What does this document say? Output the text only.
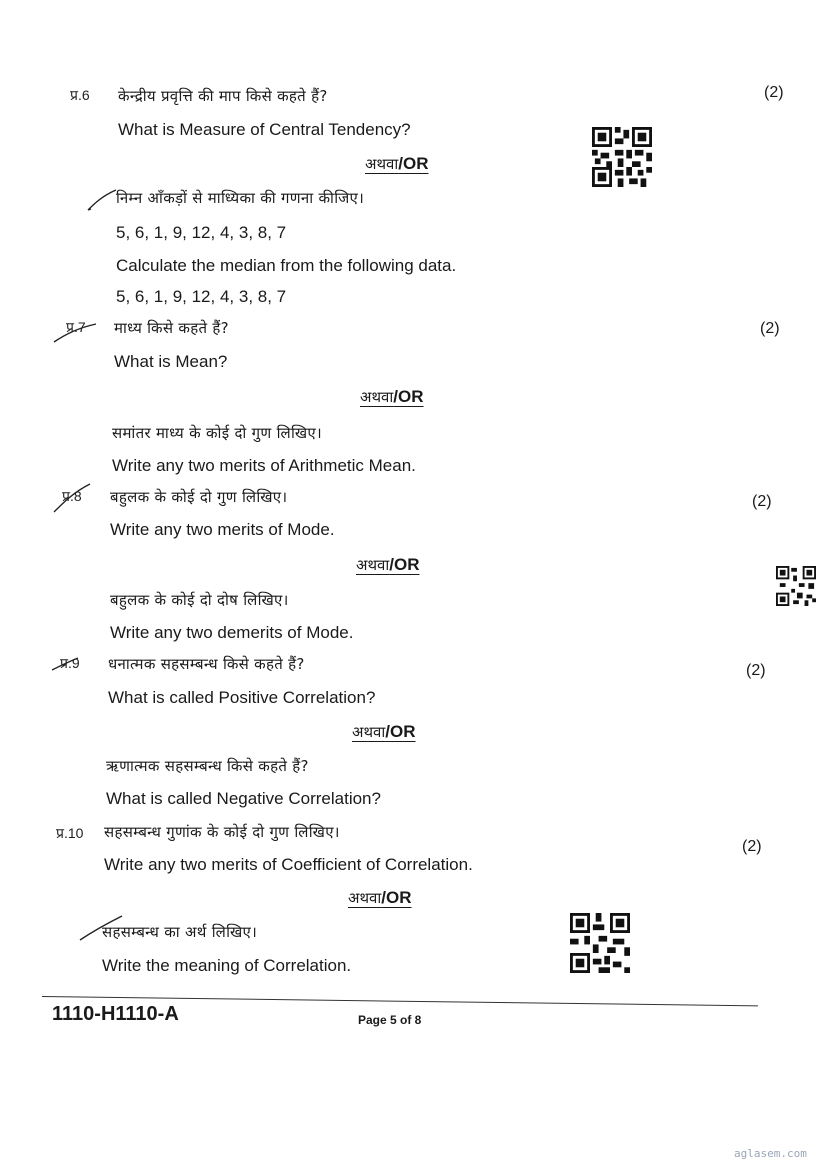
प्र.6 केन्द्रीय प्रवृत्ति की माप किसे कहते हैं?	(2)
What is Measure of Central Tendency?
अथवा/OR
निम्न आँकड़ों से माध्यिका की गणना कीजिए।
5, 6, 1, 9, 12, 4, 3, 8, 7
Calculate the median from the following data.
5, 6, 1, 9, 12, 4, 3, 8, 7
प्र.7 माध्य किसे कहते हैं?	(2)
What is Mean?
अथवा/OR
समांतर माध्य के कोई दो गुण लिखिए।
Write any two merits of Arithmetic Mean.
प्र.8 बहुलक के कोई दो गुण लिखिए।	(2)
Write any two merits of Mode.
अथवा/OR
बहुलक के कोई दो दोष लिखिए।
Write any two demerits of Mode.
प्र.9 धनात्मक सहसम्बन्ध किसे कहते हैं?	(2)
What is called Positive Correlation?
अथवा/OR
ऋणात्मक सहसम्बन्ध किसे कहते हैं?
What is called Negative Correlation?
प्र.10 सहसम्बन्ध गुणांक के कोई दो गुण लिखिए।
(2)
Write any two merits of Coefficient of Correlation.
अथवा/OR
सहसम्बन्ध का अर्थ लिखिए।
Write the meaning of Correlation.
1110-H1110-A	Page 5 of 8
aglasem.com
